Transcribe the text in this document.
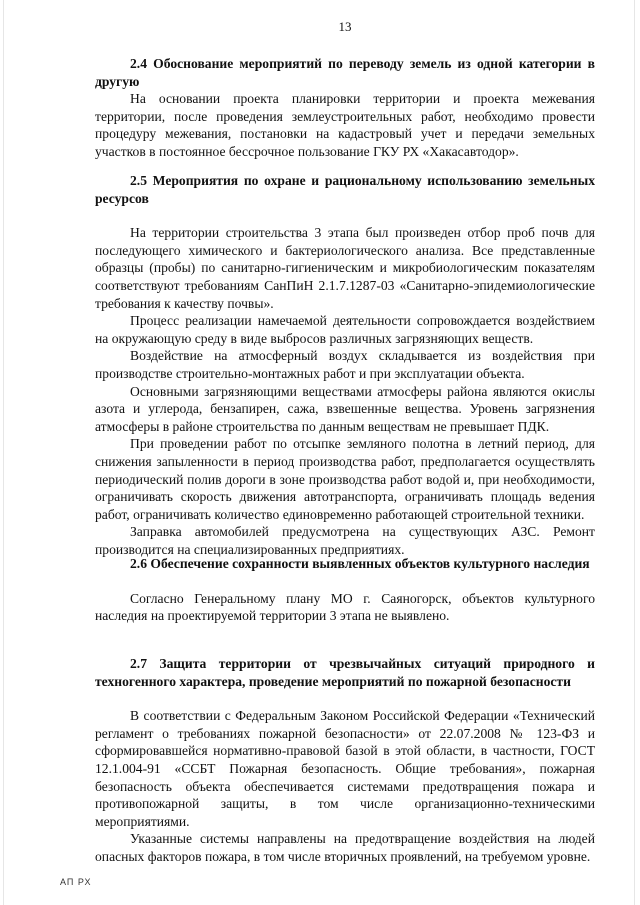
13

2.4 Обоснование мероприятий по переводу земель из одной категории в другую

На основании проекта планировки территории и проекта межевания территории, после проведения землеустроительных работ, необходимо провести процедуру межевания, постановки на кадастровый учет и передачи земельных участков в постоянное бессрочное пользование ГКУ РХ «Хакасавтодор».

2.5 Мероприятия по охране и рациональному использованию земельных ресурсов

На территории строительства 3 этапа был произведен отбор проб почв для последующего химического и бактериологического анализа. Все представленные образцы (пробы) по санитарно-гигиеническим и микробиологическим показателям соответствуют требованиям СанПиН 2.1.7.1287-03 «Санитарно-эпидемиологические требования к качеству почвы».

Процесс реализации намечаемой деятельности сопровождается воздействием на окружающую среду в виде выбросов различных загрязняющих веществ.

Воздействие на атмосферный воздух складывается из воздействия при производстве строительно-монтажных работ и при эксплуатации объекта.

Основными загрязняющими веществами атмосферы района являются окислы азота и углерода, бензапирен, сажа, взвешенные вещества. Уровень загрязнения атмосферы в районе строительства по данным веществам не превышает ПДК.

При проведении работ по отсыпке земляного полотна в летний период, для снижения запыленности в период производства работ, предполагается осуществлять периодический полив дороги в зоне производства работ водой и, при необходимости, ограничивать скорость движения автотранспорта, ограничивать площадь ведения работ, ограничивать количество единовременно работающей строительной техники.

Заправка автомобилей предусмотрена на существующих АЗС. Ремонт производится на специализированных предприятиях.

2.6 Обеспечение сохранности выявленных объектов культурного наследия

Согласно Генеральному плану МО г. Саяногорск, объектов культурного наследия на проектируемой территории 3 этапа не выявлено.

2.7 Защита территории от чрезвычайных ситуаций природного и техногенного характера, проведение мероприятий по пожарной безопасности

В соответствии с Федеральным Законом Российской Федерации «Технический регламент о требованиях пожарной безопасности» от 22.07.2008 № 123-ФЗ и сформировавшейся нормативно-правовой базой в этой области, в частности, ГОСТ 12.1.004-91 «ССБТ Пожарная безопасность. Общие требования», пожарная безопасность объекта обеспечивается системами предотвращения пожара и противопожарной защиты, в том числе организационно-техническими мероприятиями.

Указанные системы направлены на предотвращение воздействия на людей опасных факторов пожара, в том числе вторичных проявлений, на требуемом уровне.

АП РХ
